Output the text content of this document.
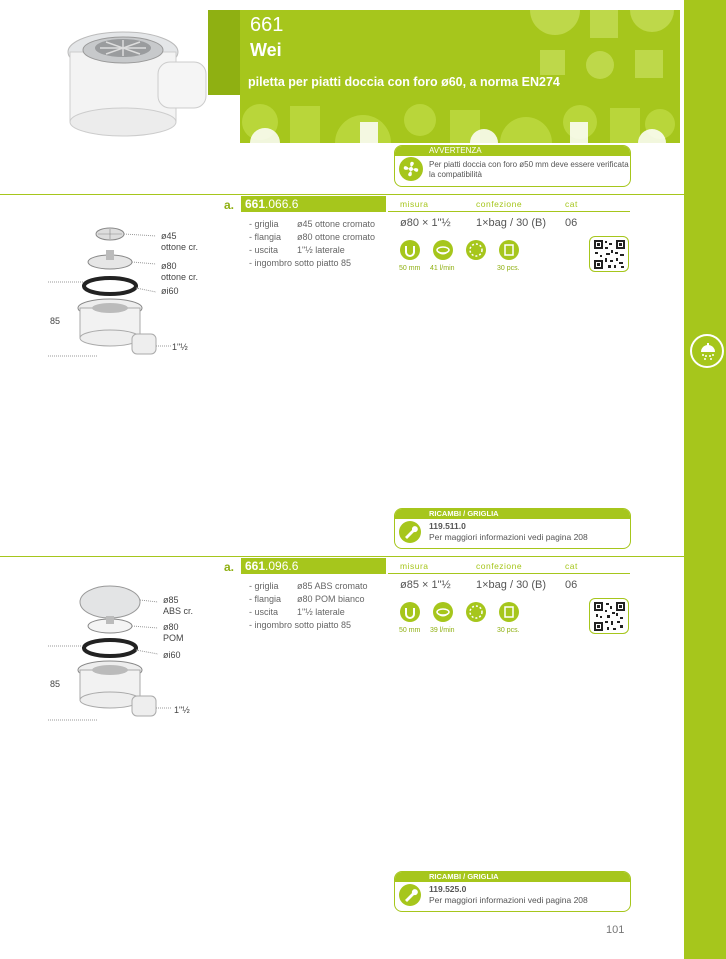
661
Wei
piletta per piatti doccia con foro ø60, a norma EN274
AVVERTENZA
Per piatti doccia con foro ø50 mm deve essere verificata la compatibilità
a. 661.066.6	misura	confezione	cat
- griglia ø45 ottone cromato
- flangia ø80 ottone cromato
- uscita 1"½ laterale
- ingombro sotto piatto 85
ø80 × 1"½ 1×bag / 30 (B) 06
50 mm 41 l/min	30 pcs.
ø45
ottone cr.
ø80
ottone cr.
øi60
85
1"½
RICAMBI / GRIGLIA
119.511.0
Per maggiori informazioni vedi pagina 208
a. 661.096.6	misura	confezione	cat
- griglia ø85 ABS cromato
- flangia ø80 POM bianco
- uscita 1"½ laterale
- ingombro sotto piatto 85
ø85 × 1"½ 1×bag / 30 (B) 06
50 mm 39 l/min	30 pcs.
ø85
ABS cr.
ø80
POM
øi60
85
1"½
RICAMBI / GRIGLIA
119.525.0
Per maggiori informazioni vedi pagina 208
101
